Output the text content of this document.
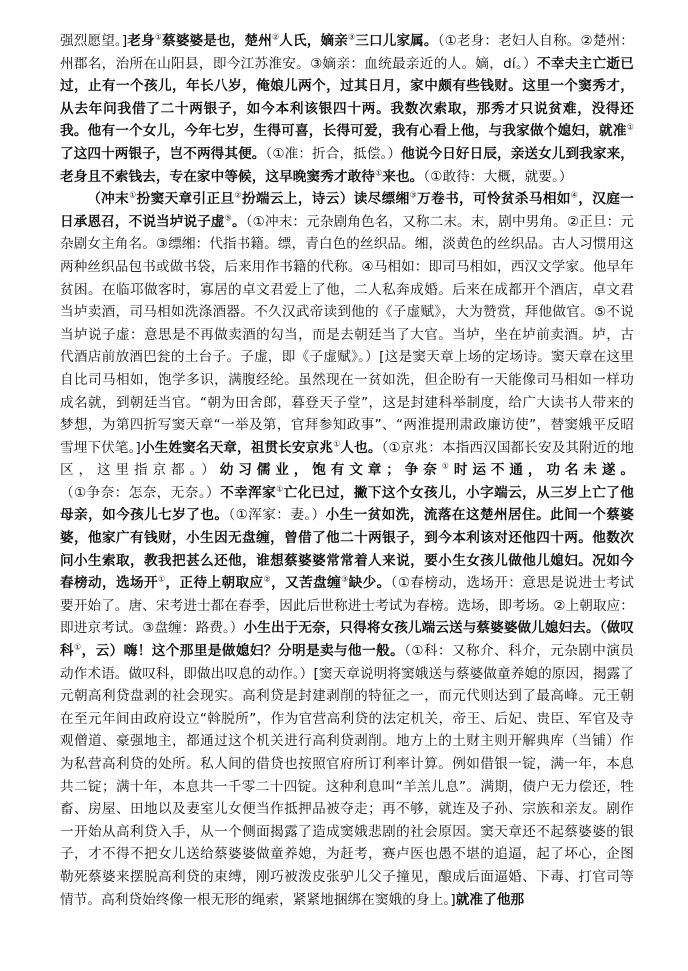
强烈愿望。]老身①蔡婆婆是也，楚州②人氏，嫡亲③三口儿家属。（①老身：老妇人自称。②楚州：州郡名，治所在山阳县，即今江苏淮安。③嫡亲：血统最亲近的人。嫡，dí。）不幸夫主亡逝已过，止有一个孩儿，年长八岁，俺娘儿两个，过其日月，家中颇有些钱财。这里一个窦秀才，从去年问我借了二十两银子，如今本利该银四十两。我数次索取，那秀才只说贫难，没得还我。他有一个女儿，今年七岁，生得可喜，长得可爱，我有心看上他，与我家做个媳妇，就准①了这四十两银子，岂不两得其便。（①准：折合，抵偿。）他说今日好日辰，亲送女儿到我家来，老身且不索钱去，专在家中等候，这早晚窦秀才敢待①来也。（①敢待：大概，就要。）

（冲末①扮窦天章引正旦②扮端云上，诗云）读尽缥缃③万卷书，可怜贫杀马相如④，汉庭一日承恩召，不说当垆说子虚⑤。（①冲末：元杂剧角色名，又称二末。末，剧中男角。②正旦：元杂剧女主角名。③缥缃：代指书籍。缥，青白色的丝织品。缃，淡黄色的丝织品。古人习惯用这两种丝织品包书或做书袋，后来用作书籍的代称。④马相如：即司马相如，西汉文学家。他早年贫困。在临邛做客时，寡居的卓文君爱上了他，二人私奔成婚。后来在成都开个酒店，卓文君当垆卖酒，司马相如洗涤酒器。不久汉武帝读到他的《子虚赋》，大为赞赏，拜他做官。⑤不说当垆说子虚：意思是不再做卖酒的勾当，而是去朝廷当了大官。当垆，坐在垆前卖酒。垆，古代酒店前放酒巴瓮的土台子。子虚，即《子虚赋》。）[这是窦天章上场的定场诗。窦天章在这里自比司马相如，饱学多识，满腹经纶。虽然现在一贫如洗，但企盼有一天能像司马相如一样功成名就，到朝廷当官。“朝为田舍郎，暮登天子堂”，这是封建科举制度，给广大读书人带来的梦想，为第四折写窦天章“一举及第，官拜参知政事”、“两淮提刑肃政廉访使”，替窦娥平反昭雪埋下伏笔。]小生姓窦名天章，祖贯长安京兆①人也。（①京兆：本指西汉国都长安及其附近的地区，这里指京都。）幼习儒业，饱有文章；争奈①时运不通，功名未遂。（①争奈：怎奈，无奈。）不幸浑家①亡化已过，撇下这个女孩儿，小字端云，从三岁上亡了他母亲，如今孩儿七岁了也。（①浑家：妻。）小生一贫如洗，流落在这楚州居住。此间一个蔡婆婆，他家广有钱财，小生因无盘缠，曾借了他二十两银子，到今本利该对还他四十两。他数次问小生索取，教我把甚么还他，谁想蔡婆婆常常着人来说，要小生女孩儿做他儿媳妇。况如今春榜动，选场开①，正待上朝取应②，又苦盘缠③缺少。（①春榜动，选场开：意思是说进士考试要开始了。唐、宋考进士都在春季，因此后世称进士考试为春榜。选场，即考场。②上朝取应：即进京考试。③盘缠：路费。）小生出于无奈，只得将女孩儿端云送与蔡婆婆做儿媳妇去。（做叹科①，云）嗨！这个那里是做媳妇？分明是卖与他一般。（①科：又称介、科介，元杂剧中演员动作术语。做叹科，即做出叹息的动作。）[窦天章说明将窦娥送与蔡婆做童养媳的原因，揭露了元朝高利贷盘剥的社会现实。高利贷是封建剥削的特征之一，而元代则达到了最高峰。元王朝在至元年间由政府设立“斡脱所”，作为官营高利贷的法定机关，帝王、后妃、贵臣、军官及寺观僧道、豪强地主，都通过这个机关进行高利贷剥削。地方上的土财主则开解典库（当铺）作为私营高利贷的处所。私人间的借贷也按照官府所订利率计算。例如借银一锭，满一年，本息共二锭；满十年，本息共一千零二十四锭。这种利息叫“羊羔儿息”。满期，债户无力偿还，牲畜、房屋、田地以及妻室儿女便当作抵押品被夺走；再不够，就连及子孙、宗族和亲友。剧作一开始从高利贷入手，从一个侧面揭露了造成窦娥悲剧的社会原因。窦天章还不起蔡婆婆的银子，才不得不把女儿送给蔡婆婆做童养媳，为赶考，赛卢医也愚不堪的追逼，起了坏心，企图勒死蔡婆来摆脱高利贷的束缚，刚巧被泼皮张驴儿父子撞见，酿成后面逼婚、下毒、打官司等情节。高利贷始终像一根无形的绳索，紧紧地捆绑在窦娥的身上。]就准了他那
